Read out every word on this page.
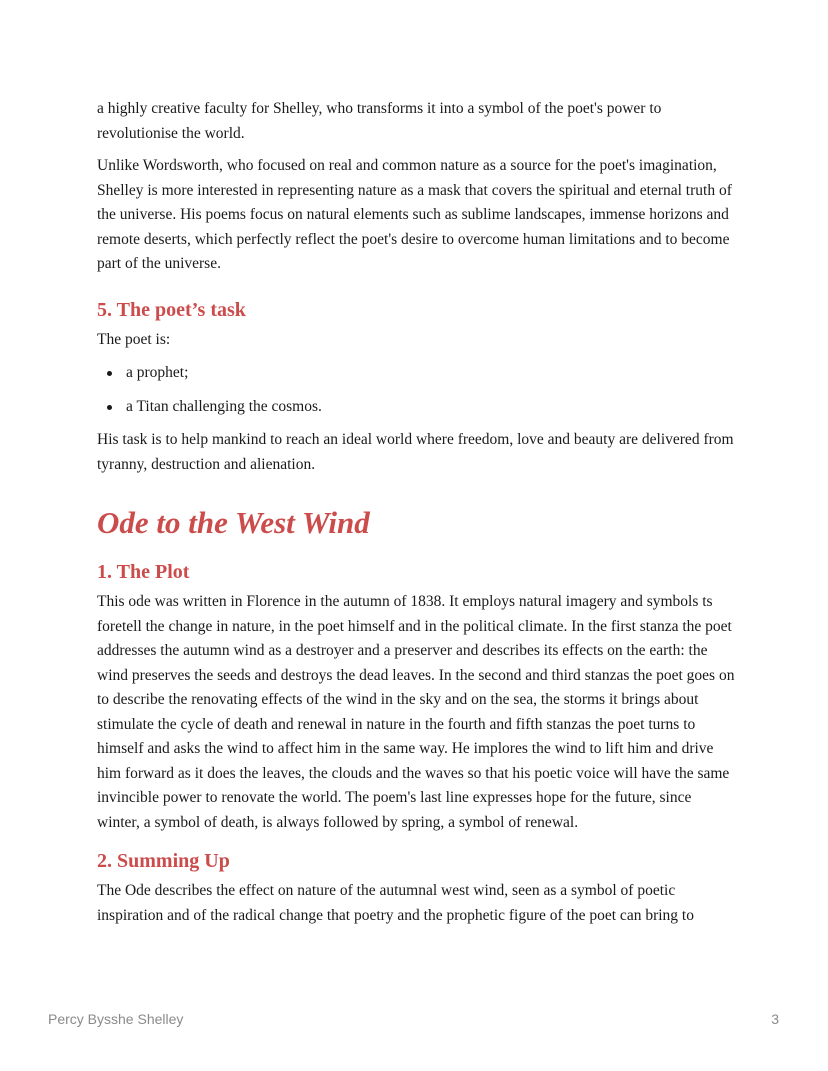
a highly creative faculty for Shelley, who transforms it into a symbol of the poet's power to revolutionise the world.

Unlike Wordsworth, who focused on real and common nature as a source for the poet's imagination, Shelley is more interested in representing nature as a mask that covers the spiritual and eternal truth of the universe. His poems focus on natural elements such as sublime landscapes, immense horizons and remote deserts, which perfectly reflect the poet's desire to overcome human limitations and to become part of the universe.

5. The poet’s task

The poet is:

a prophet;
a Titan challenging the cosmos.

His task is to help mankind to reach an ideal world where freedom, love and beauty are delivered from tyranny, destruction and alienation.

Ode to the West Wind
1. The Plot

This ode was written in Florence in the autumn of 1838. It employs natural imagery and symbols ts foretell the change in nature, in the poet himself and in the political climate. In the first stanza the poet addresses the autumn wind as a destroyer and a preserver and describes its effects on the earth: the wind preserves the seeds and destroys the dead leaves. In the second and third stanzas the poet goes on to describe the renovating effects of the wind in the sky and on the sea, the storms it brings about stimulate the cycle of death and renewal in nature in the fourth and fifth stanzas the poet turns to himself and asks the wind to affect him in the same way. He implores the wind to lift him and drive him forward as it does the leaves, the clouds and the waves so that his poetic voice will have the same invincible power to renovate the world. The poem's last line expresses hope for the future, since winter, a symbol of death, is always followed by spring, a symbol of renewal.

2. Summing Up

The Ode describes the effect on nature of the autumnal west wind, seen as a symbol of poetic inspiration and of the radical change that poetry and the prophetic figure of the poet can bring to

Percy Bysshe Shelley	3
